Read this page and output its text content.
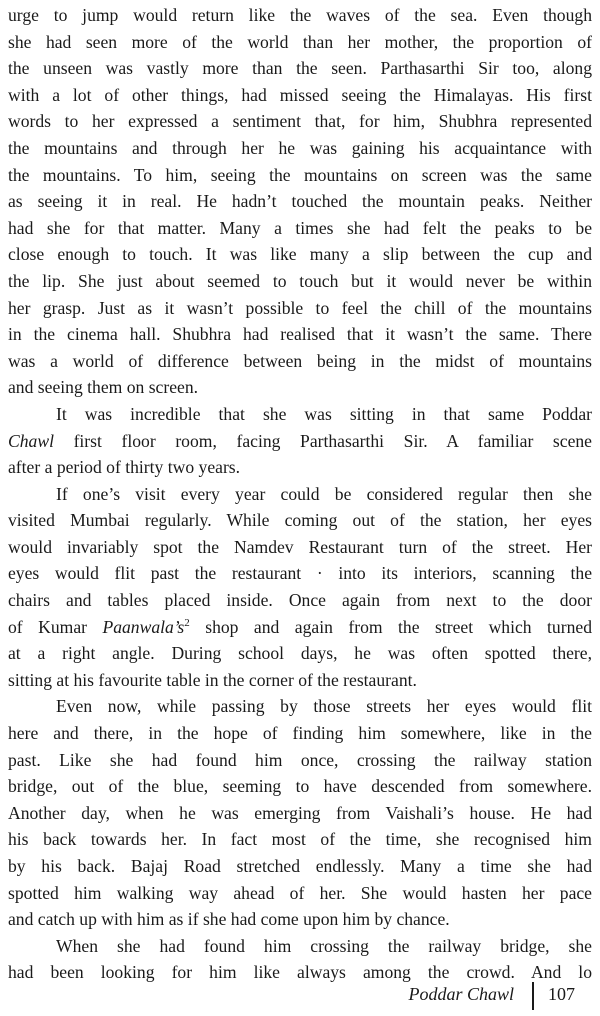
urge to jump would return like the waves of the sea. Even though
she had seen more of the world than her mother, the proportion of
the unseen was vastly more than the seen. Parthasarthi Sir too, along
with a lot of other things, had missed seeing the Himalayas. His first
words to her expressed a sentiment that, for him, Shubhra represented
the mountains and through her he was gaining his acquaintance with
the mountains. To him, seeing the mountains on screen was the same
as seeing it in real. He hadn’t touched the mountain peaks. Neither
had she for that matter. Many a times she had felt the peaks to be
close enough to touch. It was like many a slip between the cup and
the lip. She just about seemed to touch but it would never be within
her grasp. Just as it wasn’t possible to feel the chill of the mountains
in the cinema hall. Shubhra had realised that it wasn’t the same. There
was a world of difference between being in the midst of mountains
and seeing them on screen.
It was incredible that she was sitting in that same Poddar
Chawl first floor room, facing Parthasarthi Sir. A familiar scene
after a period of thirty two years.
If one’s visit every year could be considered regular then she
visited Mumbai regularly. While coming out of the station, her eyes
would invariably spot the Namdev Restaurant turn of the street. Her
eyes would flit past the restaurant · into its interiors, scanning the
chairs and tables placed inside. Once again from next to the door
of Kumar $Paanwala’s^2$ shop and again from the street which turned
at a right angle. During school days, he was often spotted there,
sitting at his favourite table in the corner of the restaurant.
Even now, while passing by those streets her eyes would flit
here and there, in the hope of finding him somewhere, like in the
past. Like she had found him once, crossing the railway station
bridge, out of the blue, seeming to have descended from somewhere.
Another day, when he was emerging from Vaishali’s house. He had
his back towards her. In fact most of the time, she recognised him
by his back. Bajaj Road stretched endlessly. Many a time she had
spotted him walking way ahead of her. She would hasten her pace
and catch up with him as if she had come upon him by chance.
When she had found him crossing the railway bridge, she
had been looking for him like always among the crowd. And lo
Poddar Chawl 107
